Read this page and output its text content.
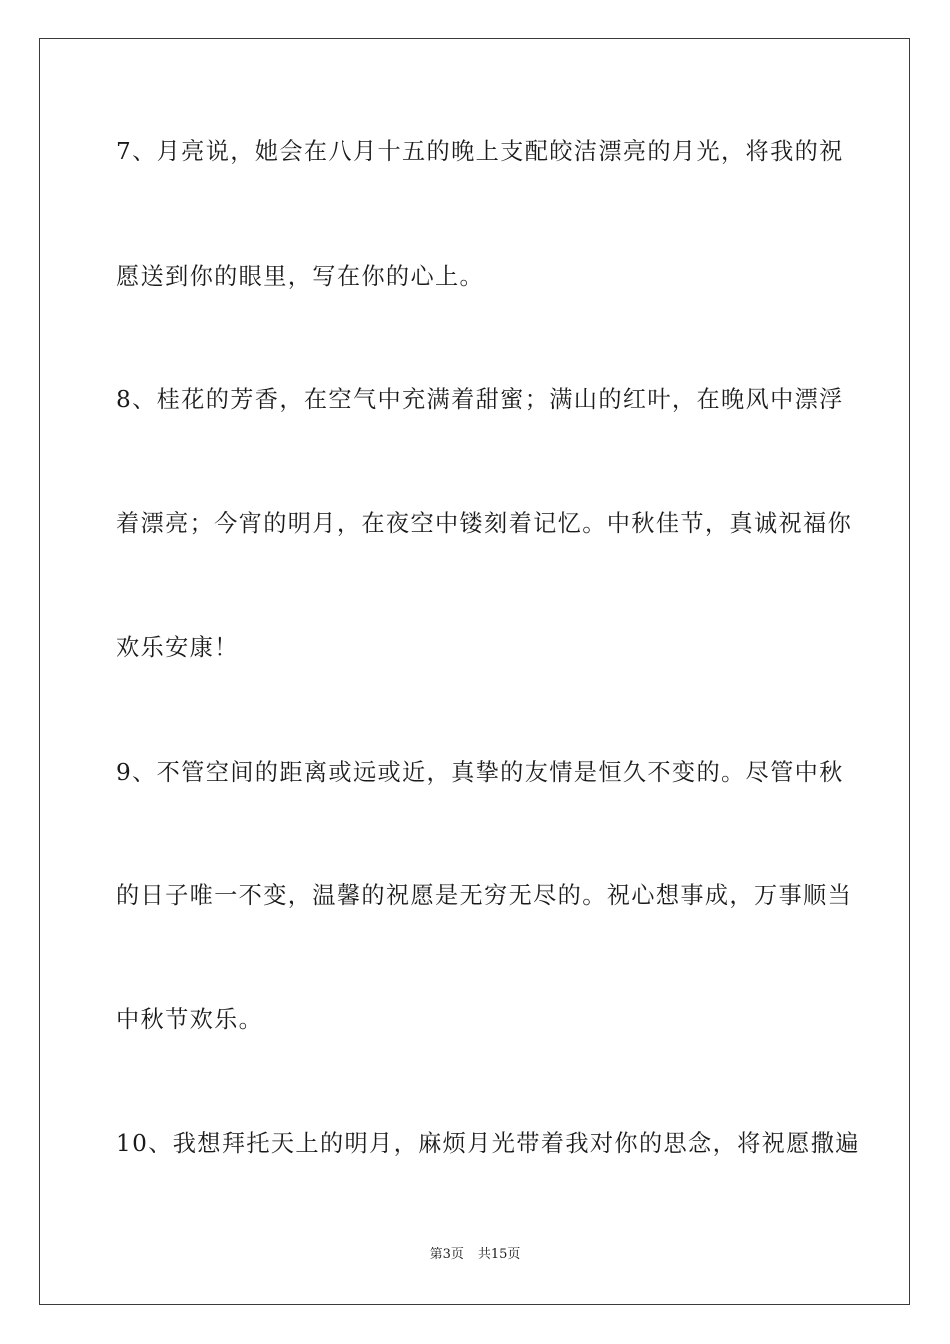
7、月亮说，她会在八月十五的晚上支配皎洁漂亮的月光，将我的祝
愿送到你的眼里，写在你的心上。
8、桂花的芳香，在空气中充满着甜蜜；满山的红叶，在晚风中漂浮
着漂亮；今宵的明月，在夜空中镂刻着记忆。中秋佳节，真诚祝福你
欢乐安康！
9、不管空间的距离或远或近，真挚的友情是恒久不变的。尽管中秋
的日子唯一不变，温馨的祝愿是无穷无尽的。祝心想事成，万事顺当
中秋节欢乐。
10、我想拜托天上的明月，麻烦月光带着我对你的思念，将祝愿撒遍
第3页 共15页
